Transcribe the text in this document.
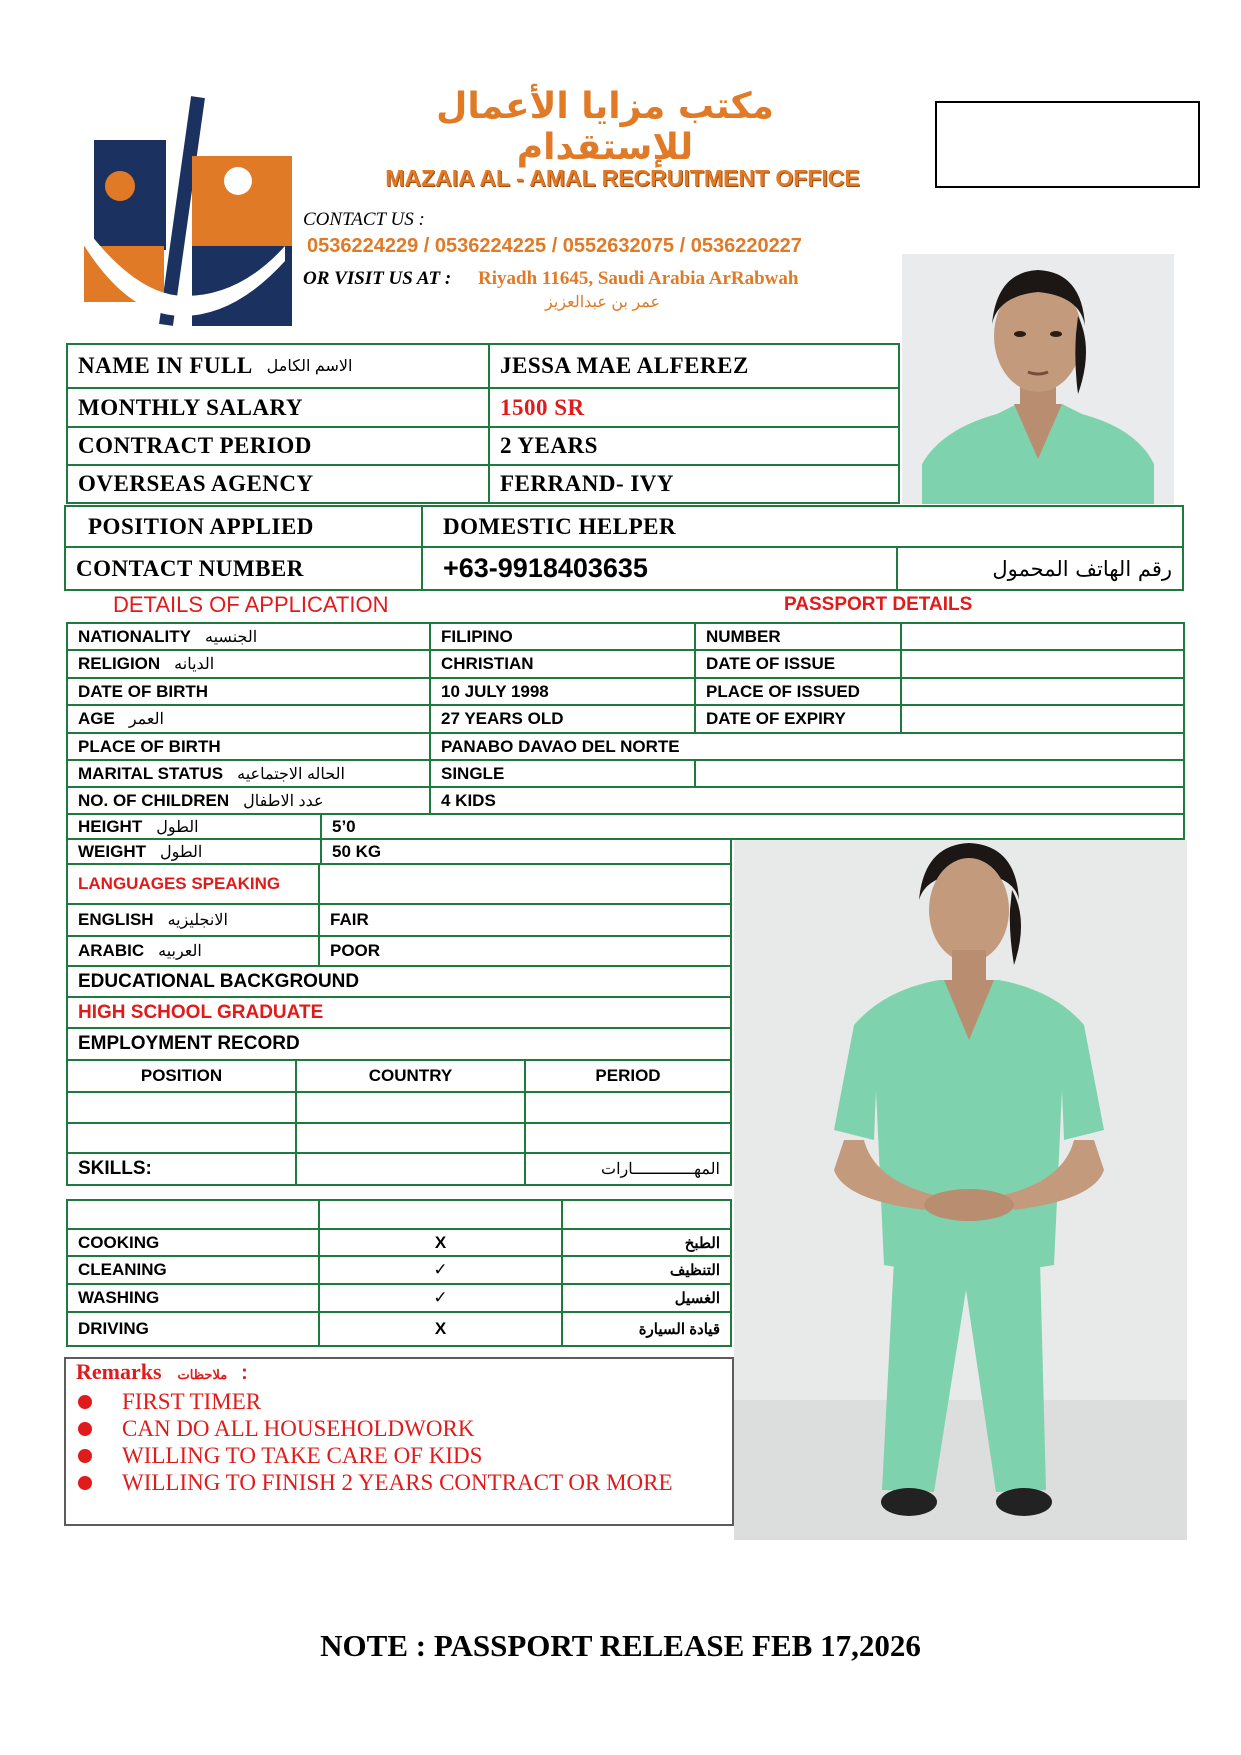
مكتب مزايا الأعمال للإستقدام
MAZAIA AL - AMAL RECRUITMENT OFFICE
CONTACT US :
0536224229 / 0536224225 / 0552632075 / 0536220227
OR VISIT US AT : Riyadh 11645, Saudi Arabia ArRabwah
عمر بن عبدالعزيز
NAME IN FULL الاسم الكامل	JESSA MAE ALFEREZ
MONTHLY SALARY	1500 SR
CONTRACT PERIOD	2 YEARS
OVERSEAS AGENCY	FERRAND- IVY
POSITION APPLIED	DOMESTIC HELPER
CONTACT NUMBER	+63-9918403635	رقم الهاتف المحمول
DETAILS OF APPLICATION	PASSPORT DETAILS
NATIONALITY الجنسيه	FILIPINO	NUMBER
RELIGION الديانه	CHRISTIAN	DATE OF ISSUE
DATE OF BIRTH	10 JULY 1998	PLACE OF ISSUED
AGE العمر	27 YEARS OLD	DATE OF EXPIRY
PLACE OF BIRTH	PANABO DAVAO DEL NORTE
MARITAL STATUS الحاله الاجتماعيه	SINGLE
NO. OF CHILDREN عدد الاطفال	4 KIDS
HEIGHT الطول	5’0
WEIGHT الطول	50 KG
LANGUAGES SPEAKING
ENGLISH الانجليزيه	FAIR
ARABIC العربيه	POOR
EDUCATIONAL BACKGROUND
HIGH SCHOOL GRADUATE
EMPLOYMENT RECORD
POSITION	COUNTRY	PERIOD
SKILLS:	المهـــــــــــــارات
COOKING	X	الطبخ
CLEANING	✓	التنظيف
WASHING	✓	الغسيل
DRIVING	X	قيادة السيارة
Remarks ملاحظات :
FIRST TIMER
CAN DO ALL HOUSEHOLDWORK
WILLING TO TAKE CARE OF KIDS
WILLING TO FINISH 2 YEARS CONTRACT OR MORE
NOTE : PASSPORT RELEASE FEB 17,2026
